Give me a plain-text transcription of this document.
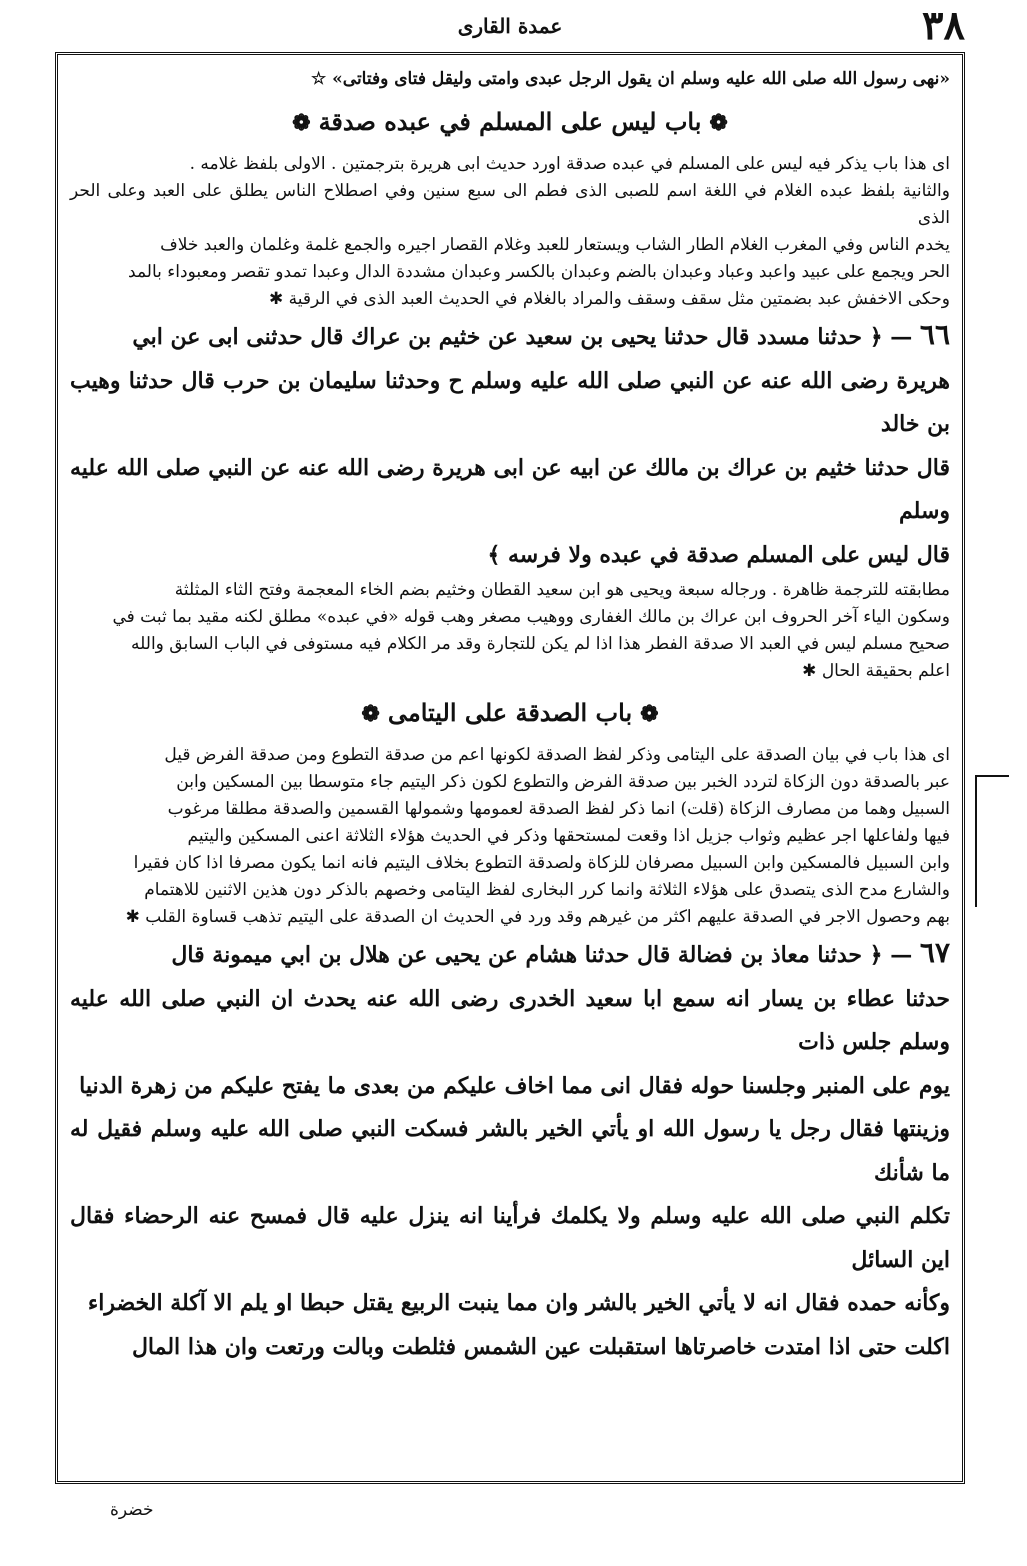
٣٨
عمدة القارى

«نهى رسول الله صلى الله عليه وسلم ان يقول الرجل عبدى وامتى وليقل فتاى وفتاتى» ☆

❁باب ليس على المسلم في عبده صدقة❁

اى هذا باب يذكر فيه ليس على المسلم في عبده صدقة اورد حديث ابى هريرة بترجمتين . الاولى بلفظ غلامه .

والثانية بلفظ عبده الغلام في اللغة اسم للصبى الذى فطم الى سبع سنين وفي اصطلاح الناس يطلق على العبد وعلى الحر الذى

يخدم الناس وفي المغرب الغلام الطار الشاب ويستعار للعبد وغلام القصار اجيره والجمع غلمة وغلمان والعبد خلاف

الحر ويجمع على عبيد واعبد وعباد وعبدان بالضم وعبدان بالكسر وعبدان مشددة الدال وعبدا تمدو تقصر ومعبوداء بالمد

وحكى الاخفش عبد بضمتين مثل سقف وسقف والمراد بالغلام في الحديث العبد الذى في الرقية ✱

٦٦ — ﴿ حدثنا مسدد قال حدثنا يحيى بن سعيد عن خثيم بن عراك قال حدثنى ابى عن ابي

هريرة رضى الله عنه عن النبي صلى الله عليه وسلم ح وحدثنا سليمان بن حرب قال حدثنا وهيب بن خالد

قال حدثنا خثيم بن عراك بن مالك عن ابيه عن ابى هريرة رضى الله عنه عن النبي صلى الله عليه وسلم

قال ليس على المسلم صدقة في عبده ولا فرسه ﴾

مطابقته للترجمة ظاهرة . ورجاله سبعة ويحيى هو ابن سعيد القطان وخثيم بضم الخاء المعجمة وفتح الثاء المثلثة

وسكون الياء آخر الحروف ابن عراك بن مالك الغفارى ووهيب مصغر وهب قوله «في عبده» مطلق لكنه مقيد بما ثبت في

صحيح مسلم ليس في العبد الا صدقة الفطر هذا اذا لم يكن للتجارة وقد مر الكلام فيه مستوفى في الباب السابق والله

اعلم بحقيقة الحال ✱

❁باب الصدقة على اليتامى❁

اى هذا باب في بيان الصدقة على اليتامى وذكر لفظ الصدقة لكونها اعم من صدقة التطوع ومن صدقة الفرض قيل

عبر بالصدقة دون الزكاة لتردد الخبر بين صدقة الفرض والتطوع لكون ذكر اليتيم جاء متوسطا بين المسكين وابن

السبيل وهما من مصارف الزكاة (قلت) انما ذكر لفظ الصدقة لعمومها وشمولها القسمين والصدقة مطلقا مرغوب

فيها ولفاعلها اجر عظيم وثواب جزيل اذا وقعت لمستحقها وذكر في الحديث هؤلاء الثلاثة اعنى المسكين واليتيم

وابن السبيل فالمسكين وابن السبيل مصرفان للزكاة ولصدقة التطوع بخلاف اليتيم فانه انما يكون مصرفا اذا كان فقيرا

والشارع مدح الذى يتصدق على هؤلاء الثلاثة وانما كرر البخارى لفظ اليتامى وخصهم بالذكر دون هذين الاثنين للاهتمام

بهم وحصول الاجر في الصدقة عليهم اكثر من غيرهم وقد ورد في الحديث ان الصدقة على اليتيم تذهب قساوة القلب ✱

٦٧ — ﴿ حدثنا معاذ بن فضالة قال حدثنا هشام عن يحيى عن هلال بن ابي ميمونة قال

حدثنا عطاء بن يسار انه سمع ابا سعيد الخدرى رضى الله عنه يحدث ان النبي صلى الله عليه وسلم جلس ذات

يوم على المنبر وجلسنا حوله فقال انى مما اخاف عليكم من بعدى ما يفتح عليكم من زهرة الدنيا

وزينتها فقال رجل يا رسول الله او يأتي الخير بالشر فسكت النبي صلى الله عليه وسلم فقيل له ما شأنك

تكلم النبي صلى الله عليه وسلم ولا يكلمك فرأينا انه ينزل عليه قال فمسح عنه الرحضاء فقال اين السائل

وكأنه حمده فقال انه لا يأتي الخير بالشر وان مما ينبت الربيع يقتل حبطا او يلم الا آكلة الخضراء

اكلت حتى اذا امتدت خاصرتاها استقبلت عين الشمس فثلطت وبالت ورتعت وان هذا المال

خضرة
